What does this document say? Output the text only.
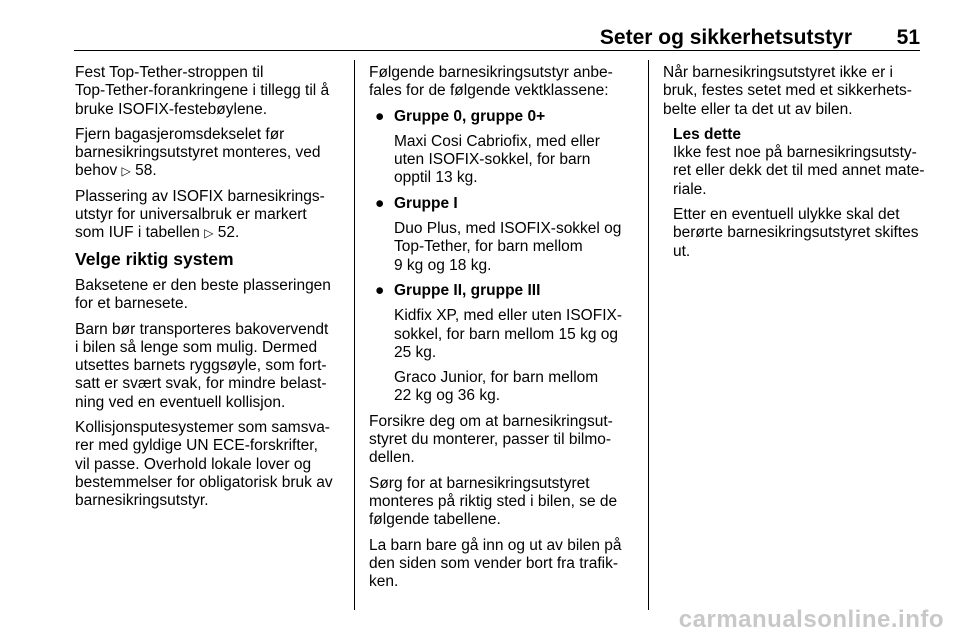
Seter og sikkerhetsutstyr 51

Fest Top-Tether-stroppen til
Top-Tether-forankringene i tillegg til å
bruke ISOFIX-festebøylene.

Fjern bagasjeromsdekselet før
barnesikringsutstyret monteres, ved
behov ▷ 58.

Plassering av ISOFIX barnesikrings-
utstyr for universalbruk er markert
som IUF i tabellen ▷ 52.

Velge riktig system

Baksetene er den beste plasseringen
for et barnesete.

Barn bør transporteres bakovervendt
i bilen så lenge som mulig. Dermed
utsettes barnets ryggsøyle, som fort-
satt er svært svak, for mindre belast-
ning ved en eventuell kollisjon.

Kollisjonsputesystemer som samsva-
rer med gyldige UN ECE-forskrifter,
vil passe. Overhold lokale lover og
bestemmelser for obligatorisk bruk av
barnesikringsutstyr.

Følgende barnesikringsutstyr anbe-
fales for de følgende vektklassene:

● Gruppe 0, gruppe 0+

Maxi Cosi Cabriofix, med eller
uten ISOFIX-sokkel, for barn
opptil 13 kg.

● Gruppe I

Duo Plus, med ISOFIX-sokkel og
Top-Tether, for barn mellom
9 kg og 18 kg.

● Gruppe II, gruppe III

Kidfix XP, med eller uten ISOFIX-
sokkel, for barn mellom 15 kg og
25 kg.

Graco Junior, for barn mellom
22 kg og 36 kg.

Forsikre deg om at barnesikringsut-
styret du monterer, passer til bilmo-
dellen.

Sørg for at barnesikringsutstyret
monteres på riktig sted i bilen, se de
følgende tabellene.

La barn bare gå inn og ut av bilen på
den siden som vender bort fra trafik-
ken.

Når barnesikringsutstyret ikke er i
bruk, festes setet med et sikkerhets-
belte eller ta det ut av bilen.

Les dette

Ikke fest noe på barnesikringsutsty-
ret eller dekk det til med annet mate-
riale.

Etter en eventuell ulykke skal det
berørte barnesikringsutstyret skiftes
ut.

carmanualsonline.info
